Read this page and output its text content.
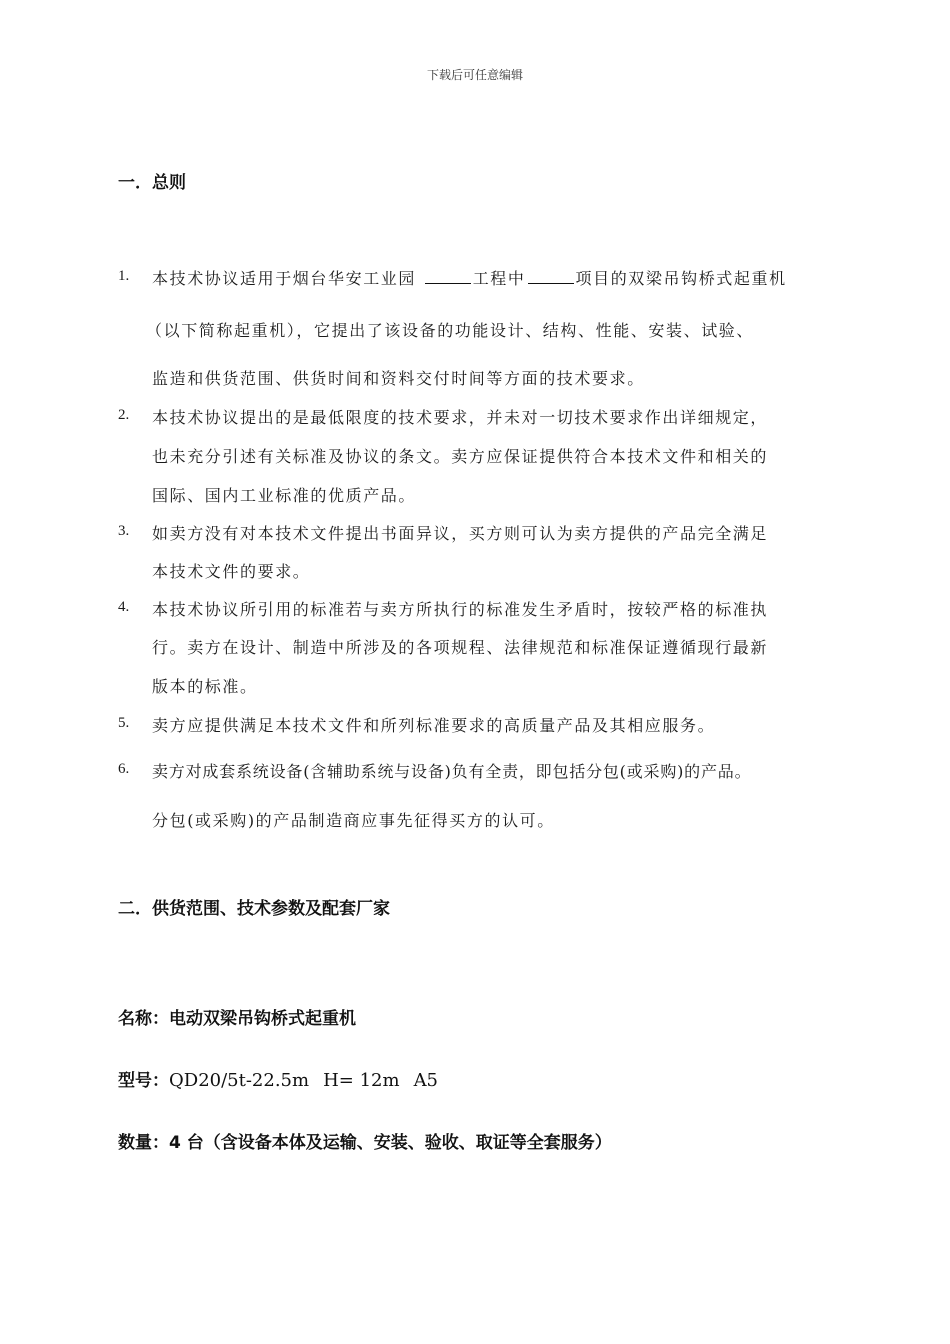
下载后可任意编辑
一．总则
1. 本技术协议适用于烟台华安工业园	工程中	项目的双梁吊钩桥式起重机
（以下简称起重机），它提出了该设备的功能设计、结构、性能、安装、试验、
监造和供货范围、供货时间和资料交付时间等方面的技术要求。
2. 本技术协议提出的是最低限度的技术要求，并未对一切技术要求作出详细规定，
也未充分引述有关标准及协议的条文。卖方应保证提供符合本技术文件和相关的
国际、国内工业标准的优质产品。
3. 如卖方没有对本技术文件提出书面异议，买方则可认为卖方提供的产品完全满足
本技术文件的要求。
4. 本技术协议所引用的标准若与卖方所执行的标准发生矛盾时，按较严格的标准执
行。卖方在设计、制造中所涉及的各项规程、法律规范和标准保证遵循现行最新
版本的标准。
5. 卖方应提供满足本技术文件和所列标准要求的高质量产品及其相应服务。
6. 卖方对成套系统设备(含辅助系统与设备)负有全责，即包括分包(或采购)的产品。
分包(或采购)的产品制造商应事先征得买方的认可。
二．供货范围、技术参数及配套厂家
名称：电动双梁吊钩桥式起重机
型号：QD20/5t-22.5m H= 12m A5
数量：4 台（含设备本体及运输、安装、验收、取证等全套服务）
